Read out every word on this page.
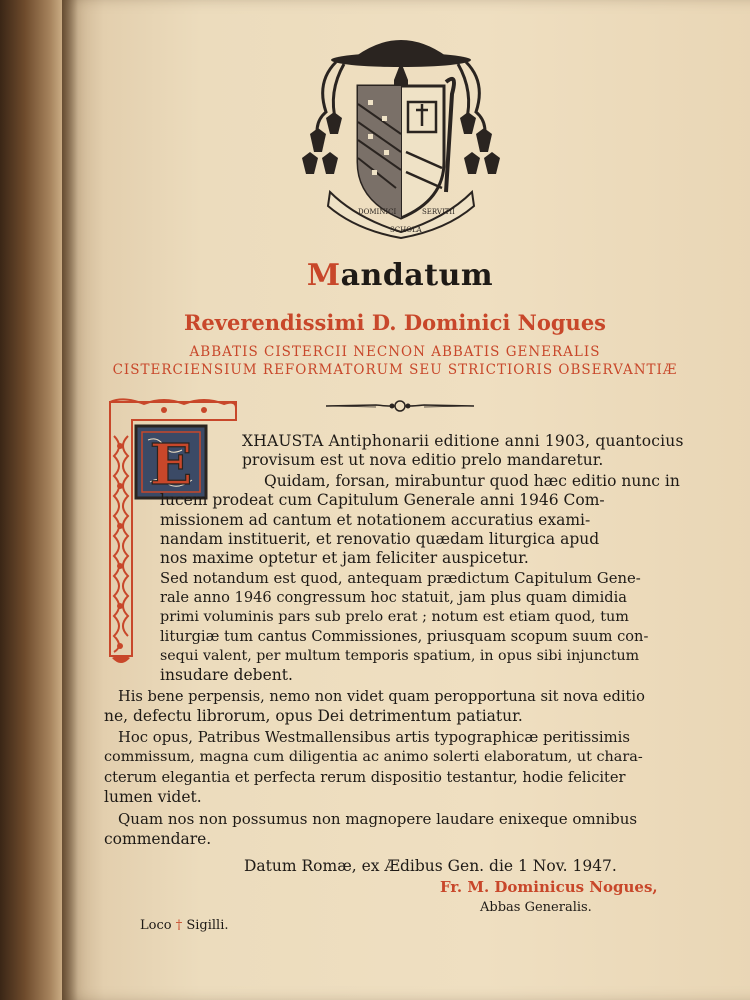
DOMINICI
SCHOLA
SERVITII
Mandatum
Reverendissimi D. Dominici Nogues
ABBATIS CISTERCII NECNON ABBATIS GENERALIS
CISTERCIENSIUM REFORMATORUM SEU STRICTIORIS OBSERVANTIÆ
E	XHAUSTA Antiphonarii editione anni 1903, quantocius
provisum est ut nova editio prelo mandaretur.
Quidam, forsan, mirabuntur quod hæc editio nunc in
lucem prodeat cum Capitulum Generale anni 1946 Com-
missionem ad cantum et notationem accuratius exami-
nandam instituerit, et renovatio quædam liturgica apud
nos maxime optetur et jam feliciter auspicetur.
Sed notandum est quod, antequam prædictum Capitulum Gene-
rale anno 1946 congressum hoc statuit, jam plus quam dimidia
primi voluminis pars sub prelo erat ; notum est etiam quod, tum
liturgiæ tum cantus Commissiones, priusquam scopum suum con-
sequi valent, per multum temporis spatium, in opus sibi injunctum
insudare debent.
His bene perpensis, nemo non videt quam peropportuna sit nova editio
ne, defectu librorum, opus Dei detrimentum patiatur.
Hoc opus, Patribus Westmallensibus artis typographicæ peritissimis
commissum, magna cum diligentia ac animo solerti elaboratum, ut chara-
cterum elegantia et perfecta rerum dispositio testantur, hodie feliciter
lumen videt.
Quam nos non possumus non magnopere laudare enixeque omnibus
commendare.
Datum Romæ, ex Ædibus Gen. die 1 Nov. 1947.
Fr. M. Dominicus Nogues,
Abbas Generalis.
Loco † Sigilli.
